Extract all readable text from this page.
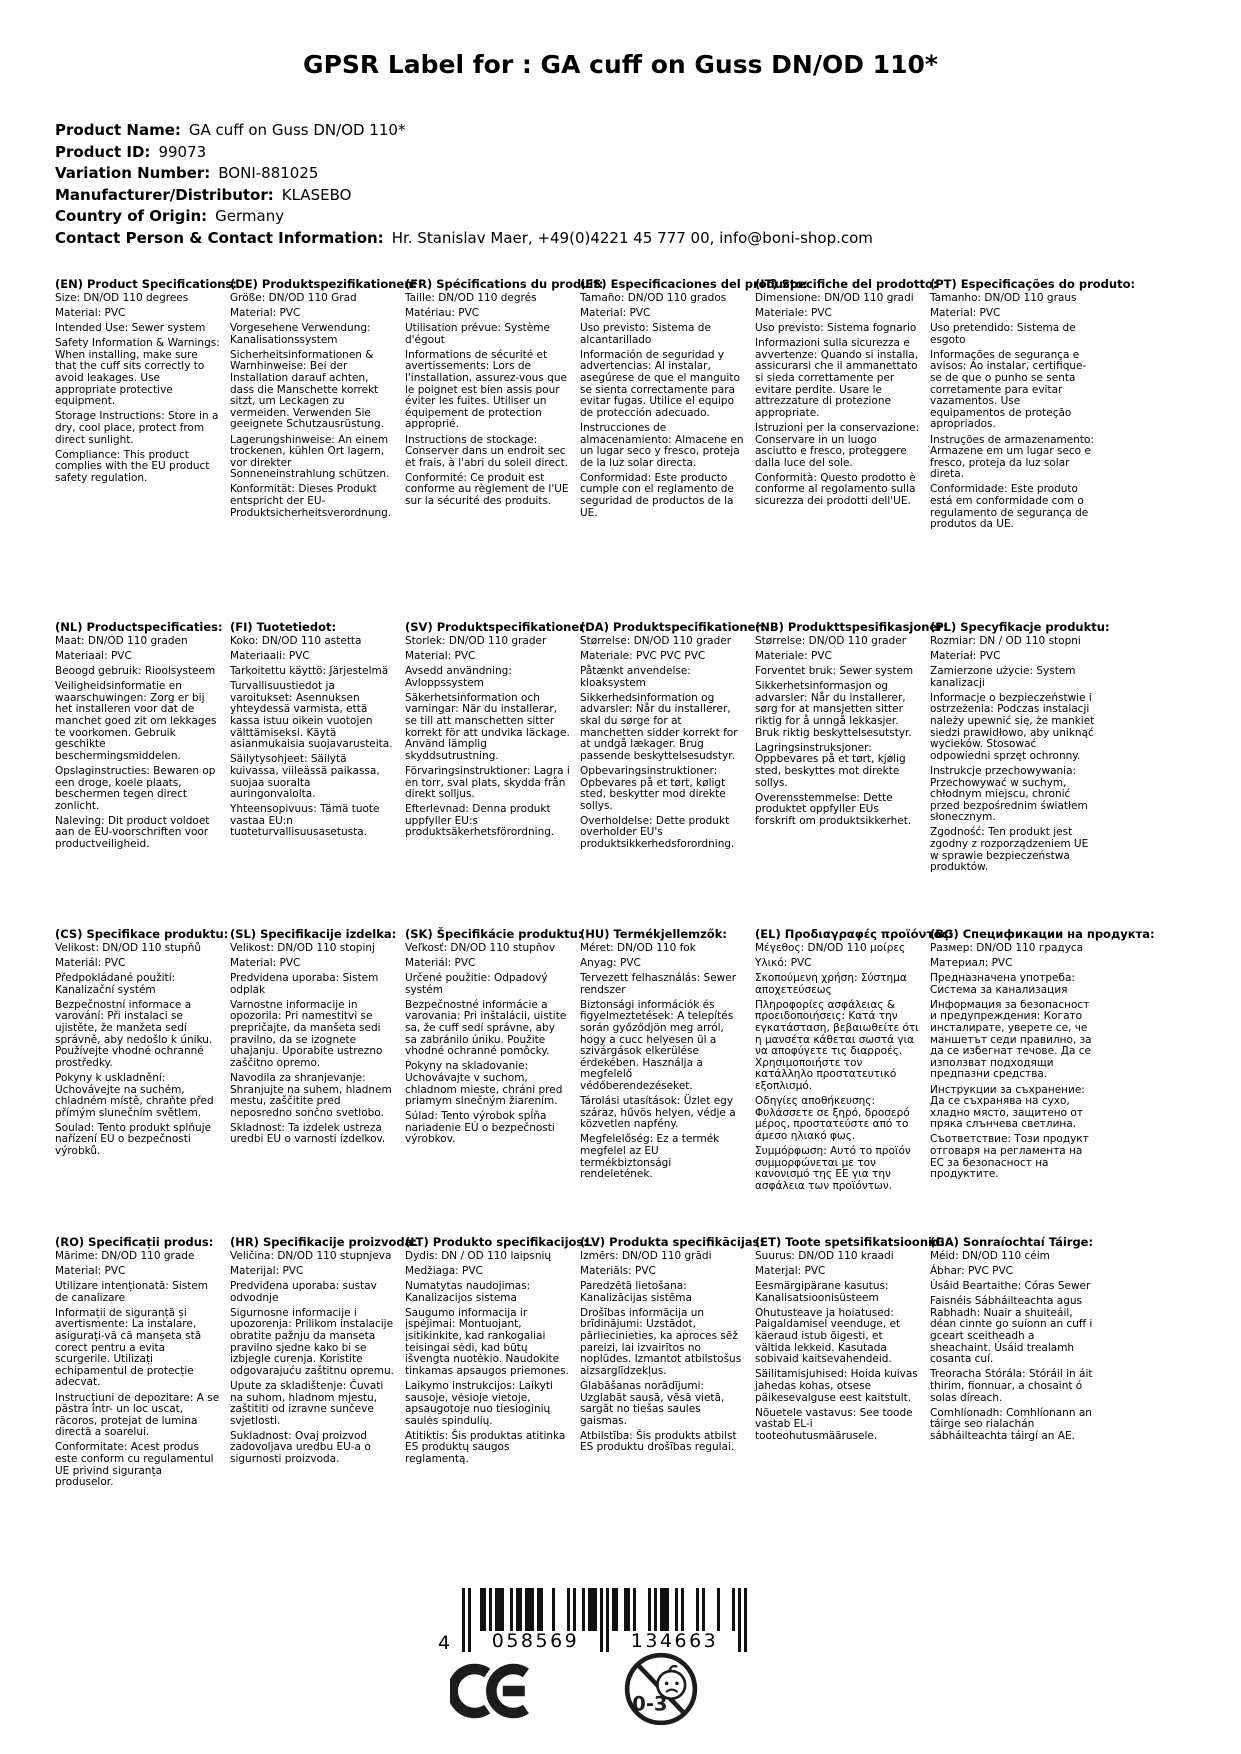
GPSR Label for : GA cuff on Guss DN/OD 110*
Product Name: GA cuff on Guss DN/OD 110*
Product ID: 99073
Variation Number: BONI-881025
Manufacturer/Distributor: KLASEBO
Country of Origin: Germany
Contact Person & Contact Information: Hr. Stanislav Maer, +49(0)4221 45 777 00, info@boni-shop.com
(EN) Product Specifications:

Size: DN/OD 110 degrees

Material: PVC

Intended Use: Sewer system

Safety Information & Warnings: When installing, make sure that the cuff sits correctly to avoid leakages. Use appropriate protective equipment.

Storage Instructions: Store in a dry, cool place, protect from direct sunlight.

Compliance: This product complies with the EU product safety regulation.

(DE) Produktspezifikationen:

Größe: DN/OD 110 Grad

Material: PVC

Vorgesehene Verwendung: Kanalisationssystem

Sicherheitsinformationen & Warnhinweise: Bei der Installation darauf achten, dass die Manschette korrekt sitzt, um Leckagen zu vermeiden. Verwenden Sie geeignete Schutzausrüstung.

Lagerungshinweise: An einem trockenen, kühlen Ort lagern, vor direkter Sonneneinstrahlung schützen.

Konformität: Dieses Produkt entspricht der EU-Produktsicherheitsverordnung.

(FR) Spécifications du produit:

Taille: DN/OD 110 degrés

Matériau: PVC

Utilisation prévue: Système d'égout

Informations de sécurité et avertissements: Lors de l'installation, assurez-vous que le poignet est bien assis pour éviter les fuites. Utiliser un équipement de protection approprié.

Instructions de stockage: Conserver dans un endroit sec et frais, à l'abri du soleil direct.

Conformité: Ce produit est conforme au règlement de l'UE sur la sécurité des produits.

(ES) Especificaciones del producto:

Tamaño: DN/OD 110 grados

Material: PVC

Uso previsto: Sistema de alcantarillado

Información de seguridad y advertencias: Al instalar, asegúrese de que el manguito se sienta correctamente para evitar fugas. Utilice el equipo de protección adecuado.

Instrucciones de almacenamiento: Almacene en un lugar seco y fresco, proteja de la luz solar directa.

Conformidad: Este producto cumple con el reglamento de seguridad de productos de la UE.

(IT) Specifiche del prodotto:

Dimensione: DN/OD 110 gradi

Materiale: PVC

Uso previsto: Sistema fognario

Informazioni sulla sicurezza e avvertenze: Quando si installa, assicurarsi che il ammanettato si sieda correttamente per evitare perdite. Usare le attrezzature di protezione appropriate.

Istruzioni per la conservazione: Conservare in un luogo asciutto e fresco, proteggere dalla luce del sole.

Conformità: Questo prodotto è conforme al regolamento sulla sicurezza dei prodotti dell'UE.

(PT) Especificações do produto:

Tamanho: DN/OD 110 graus

Material: PVC

Uso pretendido: Sistema de esgoto

Informações de segurança e avisos: Ao instalar, certifique-se de que o punho se senta corretamente para evitar vazamentos. Use equipamentos de proteção apropriados.

Instruções de armazenamento: Armazene em um lugar seco e fresco, proteja da luz solar direta.

Conformidade: Este produto está em conformidade com o regulamento de segurança de produtos da UE.

(NL) Productspecificaties:

Maat: DN/OD 110 graden

Materiaal: PVC

Beoogd gebruik: Rioolsysteem

Veiligheidsinformatie en waarschuwingen: Zorg er bij het installeren voor dat de manchet goed zit om lekkages te voorkomen. Gebruik geschikte beschermingsmiddelen.

Opslaginstructies: Bewaren op een droge, koele plaats, beschermen tegen direct zonlicht.

Naleving: Dit product voldoet aan de EU-voorschriften voor productveiligheid.

(FI) Tuotetiedot:

Koko: DN/OD 110 astetta

Materiaali: PVC

Tarkoitettu käyttö: Järjestelmä

Turvallisuustiedot ja varoitukset: Asennuksen yhteydessä varmista, että kassa istuu oikein vuotojen välttämiseksi. Käytä asianmukaisia suojavarusteita.

Säilytysohjeet: Säilytä kuivassa, viileässä paikassa, suojaa suoralta auringonvalolta.

Yhteensopivuus: Tämä tuote vastaa EU:n tuoteturvallisuusasetusta.

(SV) Produktspecifikationer:

Storlek: DN/OD 110 grader

Material: PVC

Avsedd användning: Avloppssystem

Säkerhetsinformation och varningar: När du installerar, se till att manschetten sitter korrekt för att undvika läckage. Använd lämplig skyddsutrustning.

Förvaringsinstruktioner: Lagra i en torr, sval plats, skydda från direkt solljus.

Efterlevnad: Denna produkt uppfyller EU:s produktsäkerhetsförordning.

(DA) Produktspecifikationer:

Størrelse: DN/OD 110 grader

Materiale: PVC PVC PVC

Påtænkt anvendelse: kloaksystem

Sikkerhedsinformation og advarsler: Når du installerer, skal du sørge for at manchetten sidder korrekt for at undgå lækager. Brug passende beskyttelsesudstyr.

Opbevaringsinstruktioner: Opbevares på et tørt, køligt sted, beskytter mod direkte sollys.

Overholdelse: Dette produkt overholder EU's produktsikkerhedsforordning.

(NB) Produkttspesifikasjoner:

Størrelse: DN/OD 110 grader

Materiale: PVC

Forventet bruk: Sewer system

Sikkerhetsinformasjon og advarsler: Når du installerer, sørg for at mansjetten sitter riktig for å unngå lekkasjer. Bruk riktig beskyttelsesutstyr.

Lagringsinstruksjoner: Oppbevares på et tørt, kjølig sted, beskyttes mot direkte sollys.

Overensstemmelse: Dette produktet oppfyller EUs forskrift om produktsikkerhet.

(PL) Specyfikacje produktu:

Rozmiar: DN / OD 110 stopni

Materiał: PVC

Zamierzone użycie: System kanalizacji

Informacje o bezpieczeństwie i ostrzeżenia: Podczas instalacji należy upewnić się, że mankiet siedzi prawidłowo, aby uniknąć wycieków. Stosować odpowiedni sprzęt ochronny.

Instrukcje przechowywania: Przechowywać w suchym, chłodnym miejscu, chronić przed bezpośrednim światłem słonecznym.

Zgodność: Ten produkt jest zgodny z rozporządzeniem UE w sprawie bezpieczeństwa produktów.

(CS) Specifikace produktu:

Velikost: DN/OD 110 stupňů

Materiál: PVC

Předpokládané použití: Kanalizační systém

Bezpečnostní informace a varování: Při instalaci se ujistěte, že manžeta sedí správně, aby nedošlo k úniku. Používejte vhodné ochranné prostředky.

Pokyny k uskladnění: Uchovávejte na suchém, chladném místě, chraňte před přímým slunečním světlem.

Soulad: Tento produkt splňuje nařízení EU o bezpečnosti výrobků.

(SL) Specifikacije izdelka:

Velikost: DN/OD 110 stopinj

Material: PVC

Predvidena uporaba: Sistem odplak

Varnostne informacije in opozorila: Pri namestitvi se prepričajte, da manšeta sedi pravilno, da se izognete uhajanju. Uporabite ustrezno zaščitno opremo.

Navodila za shranjevanje: Shranjujte na suhem, hladnem mestu, zaščitite pred neposredno sončno svetlobo.

Skladnost: Ta izdelek ustreza uredbi EU o varnosti izdelkov.

(SK) Špecifikácie produktu:

Veľkosť: DN/OD 110 stupňov

Materiál: PVC

Určené použitie: Odpadový systém

Bezpečnostné informácie a varovania: Pri inštalácii, uistite sa, že cuff sedí správne, aby sa zabránilo úniku. Použite vhodné ochranné pomôcky.

Pokyny na skladovanie: Uchovávajte v suchom, chladnom mieste, chráni pred priamym slnečným žiarením.

Súlad: Tento výrobok spĺňa nariadenie EÚ o bezpečnosti výrobkov.

(HU) Termékjellemzők:

Méret: DN/OD 110 fok

Anyag: PVC

Tervezett felhasználás: Sewer rendszer

Biztonsági információk és figyelmeztetések: A telepítés során győződjön meg arról, hogy a cucc helyesen ül a szivárgások elkerülése érdekében. Használja a megfelelő védőberendezéseket.

Tárolási utasítások: Üzlet egy száraz, hűvös helyen, védje a közvetlen napfény.

Megfelelőség: Ez a termék megfelel az EU termékbiztonsági rendeletének.

(EL) Προδιαγραφές προϊόντος:

Μέγεθος: DN/OD 110 μοίρες

Υλικό: PVC

Σκοπούμενη χρήση: Σύστημα αποχετεύσεως

Πληροφορίες ασφάλειας & προειδοποιήσεις: Κατά την εγκατάσταση, βεβαιωθείτε ότι η μανσέτα κάθεται σωστά για να αποφύγετε τις διαρροές. Χρησιμοποιήστε τον κατάλληλο προστατευτικό εξοπλισμό.

Οδηγίες αποθήκευσης: Φυλάσσετε σε ξηρό, δροσερό μέρος, προστατεύστε από το άμεσο ηλιακό φως.

Συμμόρφωση: Αυτό το προϊόν συμμορφώνεται με τον κανονισμό της ΕΕ για την ασφάλεια των προϊόντων.

(BG) Спецификации на продукта:

Размер: DN/OD 110 градуса

Материал: PVC

Предназначена употреба: Система за канализация

Информация за безопасност и предупреждения: Когато инсталирате, уверете се, че маншетът седи правилно, за да се избегнат течове. Да се използват подходящи предпазни средства.

Инструкции за съхранение: Да се съхранява на сухо, хладно място, защитено от пряка слънчева светлина.

Съответствие: Този продукт отговаря на регламента на ЕС за безопасност на продуктите.

(RO) Specificații produs:

Mărime: DN/OD 110 grade

Material: PVC

Utilizare intenționată: Sistem de canalizare

Informații de siguranță și avertismente: La instalare, asigurați-vă că manșeta stă corect pentru a evita scurgerile. Utilizați echipamentul de protecție adecvat.

Instrucțiuni de depozitare: A se păstra într- un loc uscat, răcoros, protejat de lumina directă a soarelui.

Conformitate: Acest produs este conform cu regulamentul UE privind siguranța produselor.

(HR) Specifikacije proizvoda:

Veličina: DN/OD 110 stupnjeva

Materijal: PVC

Predviđena uporaba: sustav odvodnje

Sigurnosne informacije i upozorenja: Prilikom instalacije obratite pažnju da manseta pravilno sjedne kako bi se izbjegle curenja. Koristite odgovarajuću zaštitnu opremu.

Upute za skladištenje: Čuvati na suhom, hladnom mjestu, zaštititi od izravne sunčeve svjetlosti.

Sukladnost: Ovaj proizvod zadovoljava uredbu EU-a o sigurnosti proizvoda.

(LT) Produkto specifikacijos:

Dydis: DN / OD 110 laipsnių

Medžiaga: PVC

Numatytas naudojimas: Kanalizacijos sistema

Saugumo informacija ir įspėjimai: Montuojant, įsitikinkite, kad rankogaliai teisingai sėdi, kad būtų išvengta nuotėkio. Naudokite tinkamas apsaugos priemones.

Laikymo instrukcijos: Laikyti sausoje, vėsioje vietoje, apsaugotoje nuo tiesioginių saulės spindulių.

Atitiktis: Šis produktas atitinka ES produktų saugos reglamentą.

(LV) Produkta specifikācijas:

Izmērs: DN/OD 110 grādi

Materiāls: PVC

Paredzētā lietošana: Kanalizācijas sistēma

Drošības informācija un brīdinājumi: Uzstādot, pārliecinieties, ka aproces sēž pareizi, lai izvairītos no noplūdes. Izmantot atbilstošus aizsarglīdzekļus.

Glabāšanas norādījumi: Uzglabāt sausā, vēsā vietā, sargāt no tiešas saules gaismas.

Atbilstība: Šis produkts atbilst ES produktu drošības regulai.

(ET) Toote spetsifikatsioonid:

Suurus: DN/OD 110 kraadi

Materjal: PVC

Eesmärgipärane kasutus: Kanalisatsioonisüsteem

Ohutusteave ja hoiatused: Paigaldamisel veenduge, et käeraud istub õigesti, et vältida lekkeid. Kasutada sobivaid kaitsevahendeid.

Säilitamisjuhised: Hoida kuivas jahedas kohas, otsese päikesevalguse eest kaitstult.

Nõuetele vastavus: See toode vastab EL-i tooteohutusmäärusele.

(GA) Sonraíochtaí Táirge:

Méid: DN/OD 110 céim

Ábhar: PVC PVC

Úsáid Beartaithe: Córas Sewer

Faisnéis Sábháilteachta agus Rabhadh: Nuair a shuiteáil, déan cinnte go suíonn an cuff i gceart sceitheadh a sheachaint. Úsáid trealamh cosanta cuí.

Treoracha Stórála: Stóráil in áit thirim, fionnuar, a chosaint ó solas díreach.

Comhlíonadh: Comhlíonann an táirge seo rialachán sábháilteachta táirgí an AE.

4	058569	134663
0-3
